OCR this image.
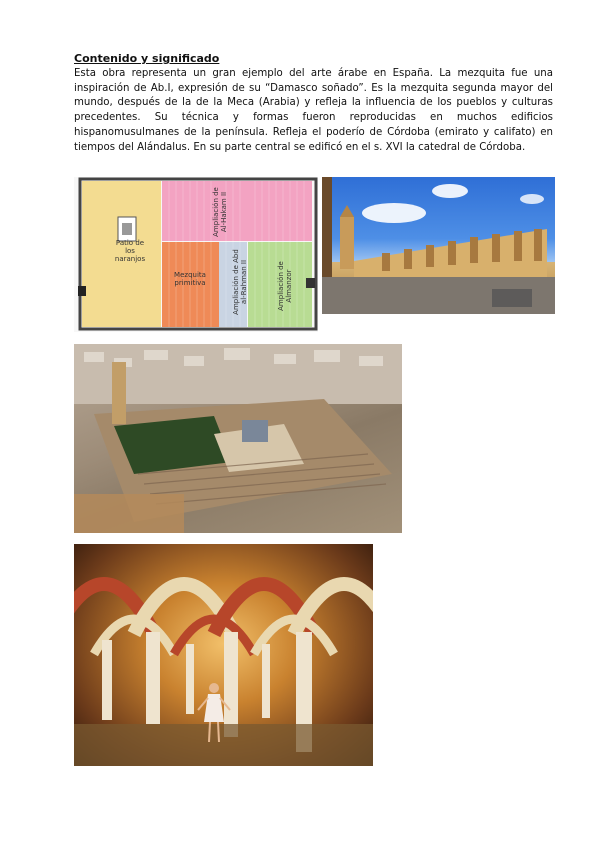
Contenido y significado

Esta obra representa un gran ejemplo del arte árabe en España. La mezquita fue una inspiración de Ab.I, expresión de su “Damasco soñado”. Es la mezquita segunda mayor del mundo, después de la de la Meca (Arabia) y refleja la influencia de los pueblos y culturas precedentes. Su técnica y formas fueron reproducidas en muchos edificios hispanomusulmanes de la península. Refleja el poderío de Córdoba (emirato y califato) en tiempos del Alándalus. En su parte central se edificó en el s. XVI la catedral de Córdoba.

Patio de los naranjos
Mezquita primitiva
Ampliación de Al-Hakam II
Ampliación de Abd al-Rahman II	Ampliación de Almanzor
